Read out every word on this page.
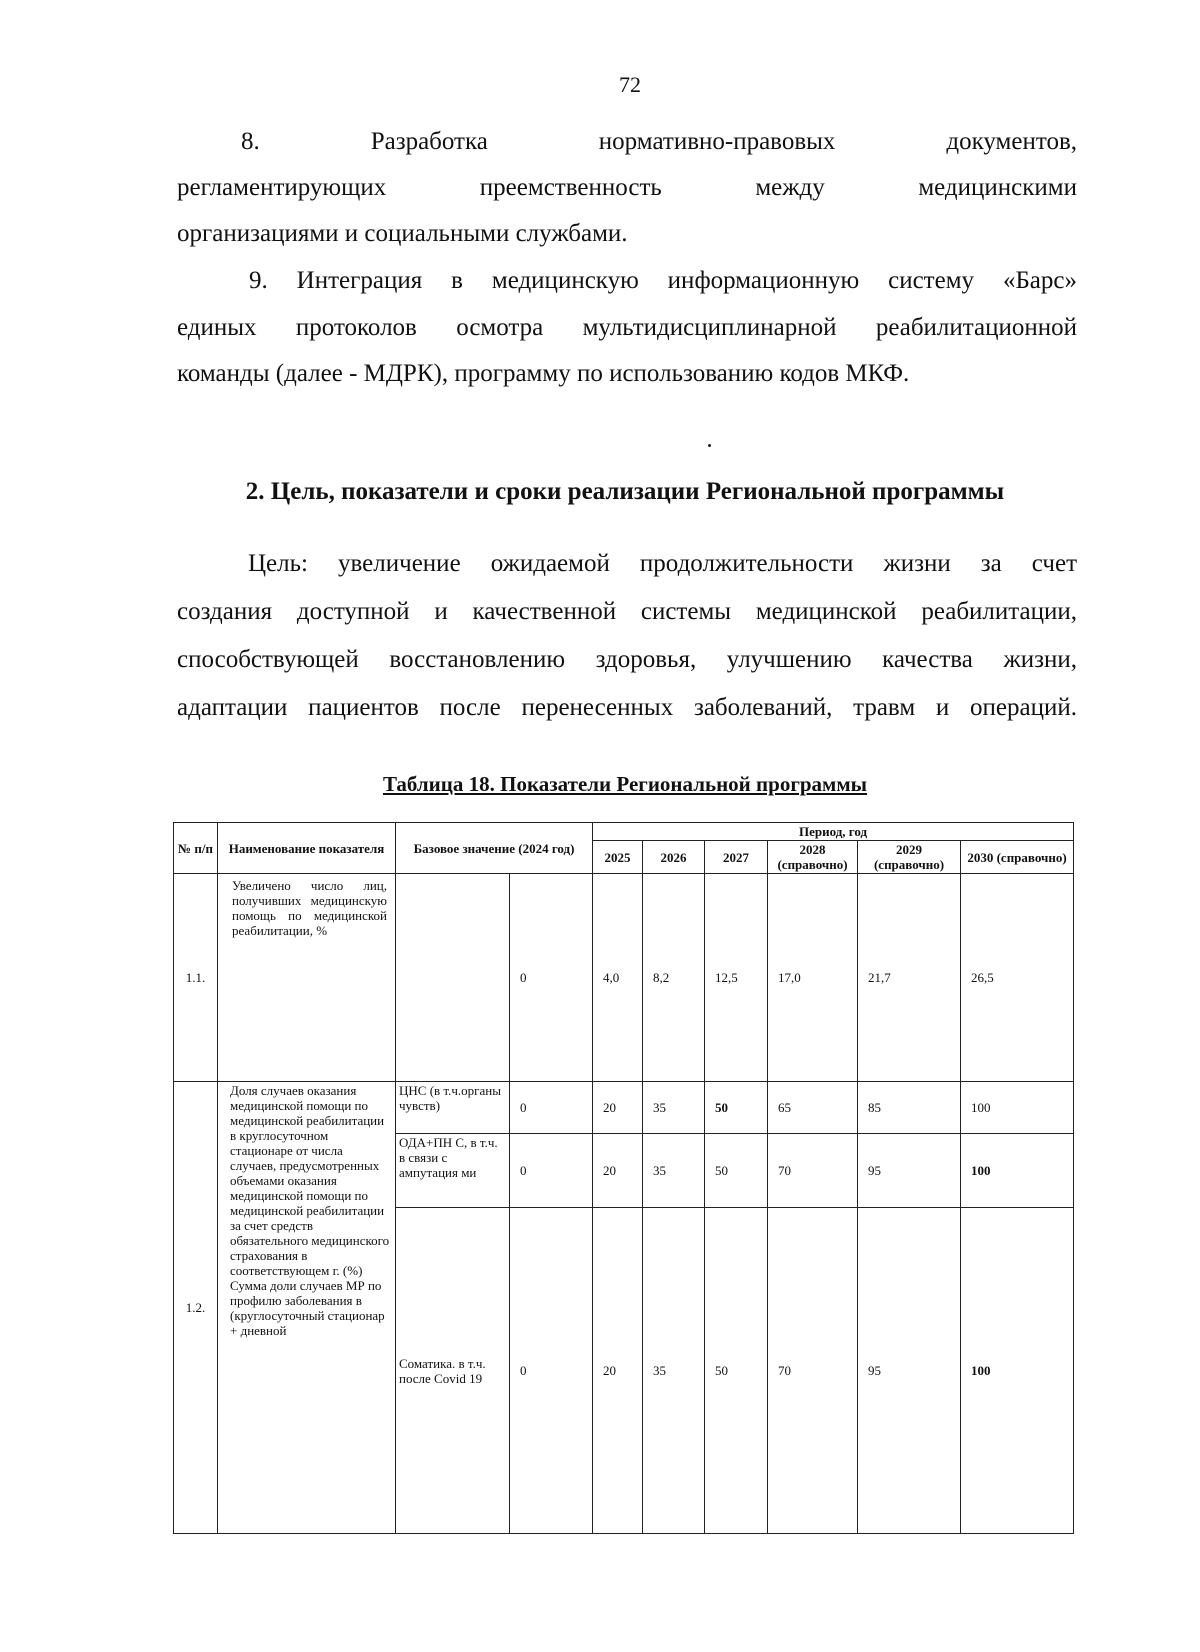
72
8.  Разработка  нормативно-правовых  документов,
регламентирующих преемственность между медицинскими
организациями и социальными службами.
9. Интеграция в медицинскую информационную систему «Барс»
единых протоколов осмотра мультидисциплинарной реабилитационной
команды (далее - МДРК), программу по использованию кодов МКФ.
2. Цель, показатели и сроки реализации Региональной программы
Цель: увеличение ожидаемой продолжительности жизни за счет
создания доступной и качественной системы медицинской реабилитации,
способствующей восстановлению здоровья, улучшению качества жизни,
адаптации пациентов после перенесенных заболеваний, травм и операций.
Таблица 18. Показатели Региональной программы
№ п/п	Наименование показателя	Базовое значение (2024 год)		Период, год					
				2025	2026	2027	2028 (справочно)	2029 (справочно)	2030 (справочно)
1.1.	Увеличено число лиц, получивших медицинскую помощь по медицинской реабилитации, %		0	4,0	8,2	12,5	17,0	21,7	26,5
1.2.	Доля случаев оказания медицинской помощи по медицинской реабилитации в круглосуточном стационаре от числа случаев, предусмотренных объемами оказания медицинской помощи по медицинской реабилитации за счет средств обязательного медицинского страхования в соответствующем г. (%) Сумма доли случаев МР по профилю заболевания в (круглосуточный стационар + дневной	ЦНС (в т.ч.органы чувств)	0	20	35	50	65	85	100
		ОДА+ПН С, в т.ч. в связи с ампутация ми	0	20	35	50	70	95	100
		Соматика. в т.ч. после Covid 19	0	20	35	50	70	95	100
